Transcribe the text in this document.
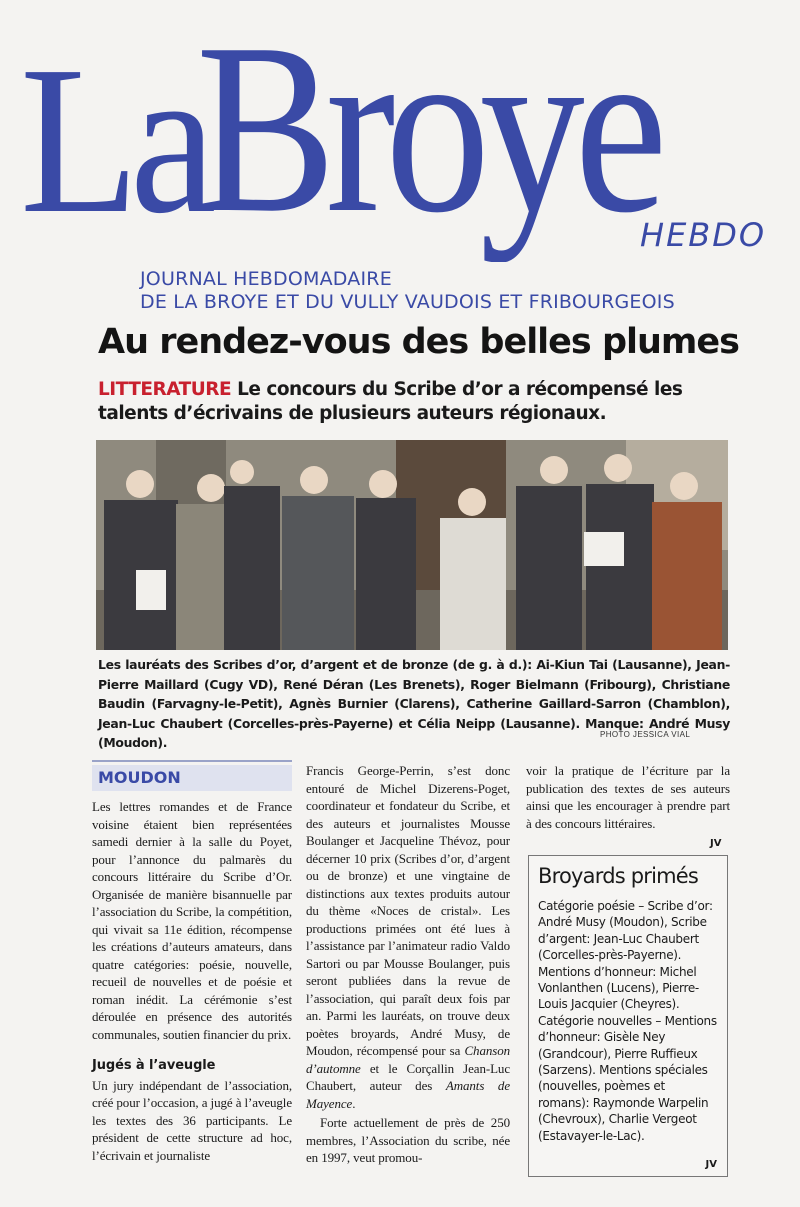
La
Broye
HEBDO
JOURNAL HEBDOMADAIRE
DE LA BROYE ET DU VULLY VAUDOIS ET FRIBOURGEOIS
Au rendez-vous des belles plumes
LITTERATURE Le concours du Scribe d’or a récompensé les talents d’écrivains de plusieurs auteurs régionaux.

Les lauréats des Scribes d’or, d’argent et de bronze (de g. à d.): Ai-Kiun Tai (Lausanne), Jean-Pierre Maillard (Cugy VD), René Déran (Les Brenets), Roger Bielmann (Fribourg), Christiane Baudin (Farvagny-le-Petit), Agnès Burnier (Clarens), Catherine Gaillard-Sarron (Chamblon), Jean-Luc Chaubert (Corcelles-près-Payerne) et Célia Neipp (Lausanne). Manque: André Musy (Moudon).

PHOTO JESSICA VIAL
MOUDON

Les lettres romandes et de France voisine étaient bien représentées samedi dernier à la salle du Poyet, pour l’annonce du palmarès du concours littéraire du Scribe d’Or. Organisée de manière bisannuelle par l’association du Scribe, la compétition, qui vivait sa 11e édition, récompense les créations d’auteurs amateurs, dans quatre catégories: poésie, nouvelle, recueil de nouvelles et de poésie et roman inédit. La cérémonie s’est déroulée en présence des autorités communales, soutien financier du prix.

Jugés à l’aveugle

Un jury indépendant de l’association, créé pour l’occasion, a jugé à l’aveugle les textes des 36 participants. Le président de cette structure ad hoc, l’écrivain et journaliste

Francis George-Perrin, s’est donc entouré de Michel Dizerens-Poget, coordinateur et fondateur du Scribe, et des auteurs et journalistes Mousse Boulanger et Jacqueline Thévoz, pour décerner 10 prix (Scribes d’or, d’argent ou de bronze) et une vingtaine de distinctions aux textes produits autour du thème «Noces de cristal». Les productions primées ont été lues à l’assistance par l’animateur radio Valdo Sartori ou par Mousse Boulanger, puis seront publiées dans la revue de l’association, qui paraît deux fois par an. Parmi les lauréats, on trouve deux poètes broyards, André Musy, de Moudon, récompensé pour sa Chanson d’automne et le Corçallin Jean-Luc Chaubert, auteur des Amants de Mayence.

Forte actuellement de près de 250 membres, l’Association du scribe, née en 1997, veut promou-

voir la pratique de l’écriture par la publication des textes de ses auteurs ainsi que les encourager à prendre part à des concours littéraires.

JV
Broyards primés

Catégorie poésie – Scribe d’or: André Musy (Moudon), Scribe d’argent: Jean-Luc Chaubert (Corcelles-près-Payerne). Mentions d’honneur: Michel Vonlanthen (Lucens), Pierre-Louis Jacquier (Cheyres). Catégorie nouvelles – Mentions d’honneur: Gisèle Ney (Grandcour), Pierre Ruffieux (Sarzens). Mentions spéciales (nouvelles, poèmes et romans): Raymonde Warpelin (Chevroux), Charlie Vergeot (Estavayer-le-Lac).

JV
